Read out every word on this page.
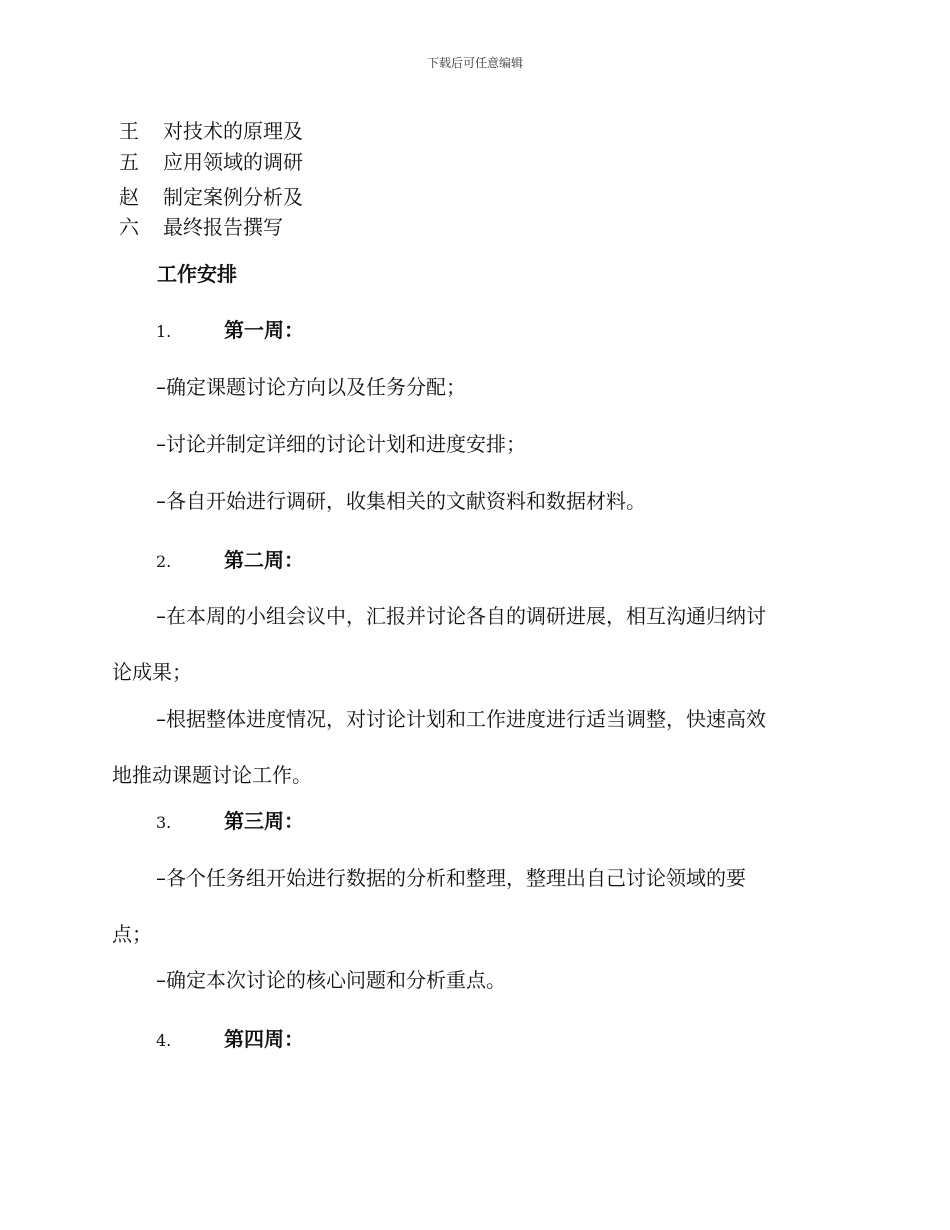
下载后可任意编辑
王	对技术的原理及
五	应用领域的调研
赵	制定案例分析及
六	最终报告撰写
工作安排
1.	第一周：
–确定课题讨论方向以及任务分配；
–讨论并制定详细的讨论计划和进度安排；
–各自开始进行调研，收集相关的文献资料和数据材料。
2.	第二周：
–在本周的小组会议中，汇报并讨论各自的调研进展，相互沟通归纳讨
论成果；
–根据整体进度情况，对讨论计划和工作进度进行适当调整，快速高效
地推动课题讨论工作。
3.	第三周：
–各个任务组开始进行数据的分析和整理，整理出自己讨论领域的要
点；
–确定本次讨论的核心问题和分析重点。
4.	第四周：
